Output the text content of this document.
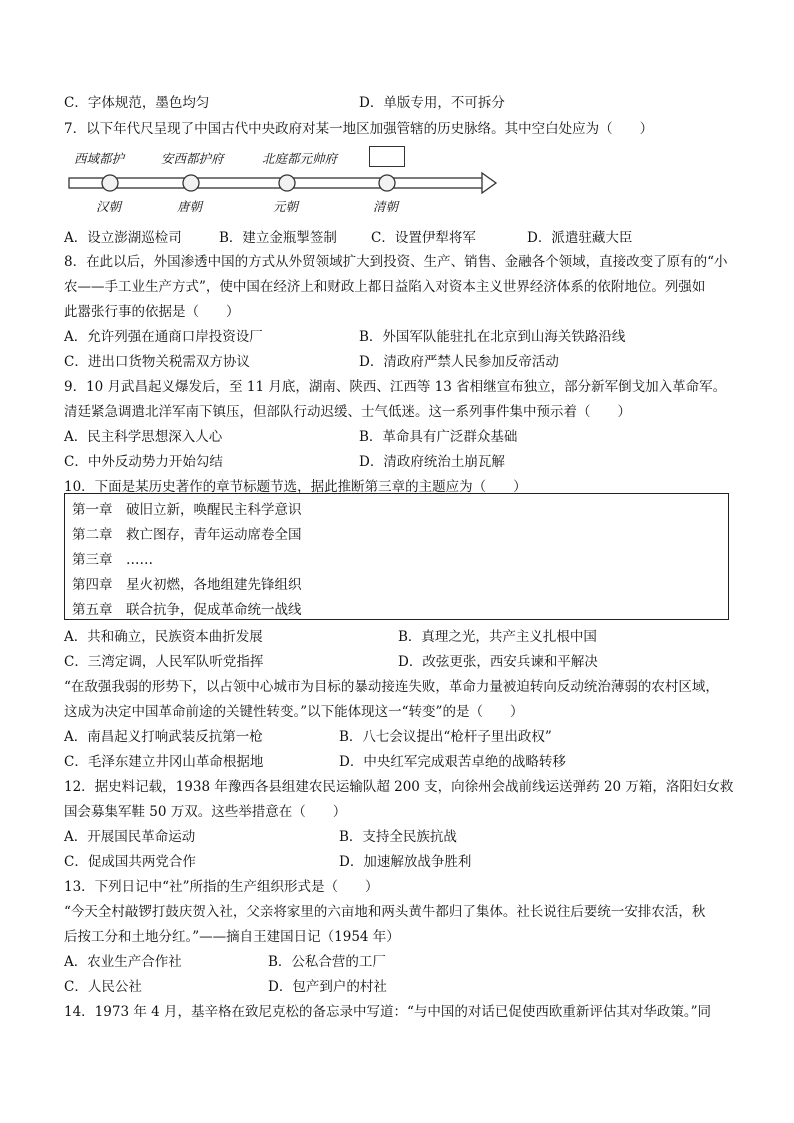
C．字体规范，墨色均匀	D．单版专用，不可拆分
7．以下年代尺呈现了中国古代中央政府对某一地区加强管辖的历史脉络。其中空白处应为（　　）
西域都护	安西都护府	北庭都元帅府
汉朝	唐朝	元朝	清朝
A．设立澎湖巡检司	B．建立金瓶掣签制	C．设置伊犁将军	D．派遣驻藏大臣
8．在此以后，外国渗透中国的方式从外贸领域扩大到投资、生产、销售、金融各个领域，直接改变了原有的“小
农——手工业生产方式”，使中国在经济上和财政上都日益陷入对资本主义世界经济体系的依附地位。列强如
此嚣张行事的依据是（　　）
A．允许列强在通商口岸投资设厂	B．外国军队能驻扎在北京到山海关铁路沿线
C．进出口货物关税需双方协议	D．清政府严禁人民参加反帝活动
9．10 月武昌起义爆发后，至 11 月底，湖南、陕西、江西等 13 省相继宣布独立，部分新军倒戈加入革命军。
清廷紧急调遣北洋军南下镇压，但部队行动迟缓、士气低迷。这一系列事件集中预示着（　　）
A．民主科学思想深入人心	B．革命具有广泛群众基础
C．中外反动势力开始勾结	D．清政府统治土崩瓦解
10．下面是某历史著作的章节标题节选，据此推断第三章的主题应为（　　）
第一章　破旧立新，唤醒民主科学意识
第二章　救亡图存，青年运动席卷全国
第三章　……
第四章　星火初燃，各地组建先锋组织
第五章　联合抗争，促成革命统一战线
A．共和确立，民族资本曲折发展	B．真理之光，共产主义扎根中国
C．三湾定调，人民军队听党指挥	D．改弦更张，西安兵谏和平解决
“在敌强我弱的形势下，以占领中心城市为目标的暴动接连失败，革命力量被迫转向反动统治薄弱的农村区域，
这成为决定中国革命前途的关键性转变。”以下能体现这一“转变”的是（　　）
A．南昌起义打响武装反抗第一枪	B．八七会议提出“枪杆子里出政权”
C．毛泽东建立井冈山革命根据地	D．中央红军完成艰苦卓绝的战略转移
12．据史料记载，1938 年豫西各县组建农民运输队超 200 支，向徐州会战前线运送弹药 20 万箱，洛阳妇女救
国会募集军鞋 50 万双。这些举措意在（　　）
A．开展国民革命运动	B．支持全民族抗战
C．促成国共两党合作	D．加速解放战争胜利
13．下列日记中“社”所指的生产组织形式是（　　）
“今天全村敲锣打鼓庆贺入社，父亲将家里的六亩地和两头黄牛都归了集体。社长说往后要统一安排农活，秋
后按工分和土地分红。”——摘自王建国日记（1954 年）
A．农业生产合作社	B．公私合营的工厂
C．人民公社	D．包产到户的村社
14．1973 年 4 月，基辛格在致尼克松的备忘录中写道：“与中国的对话已促使西欧重新评估其对华政策。”同
